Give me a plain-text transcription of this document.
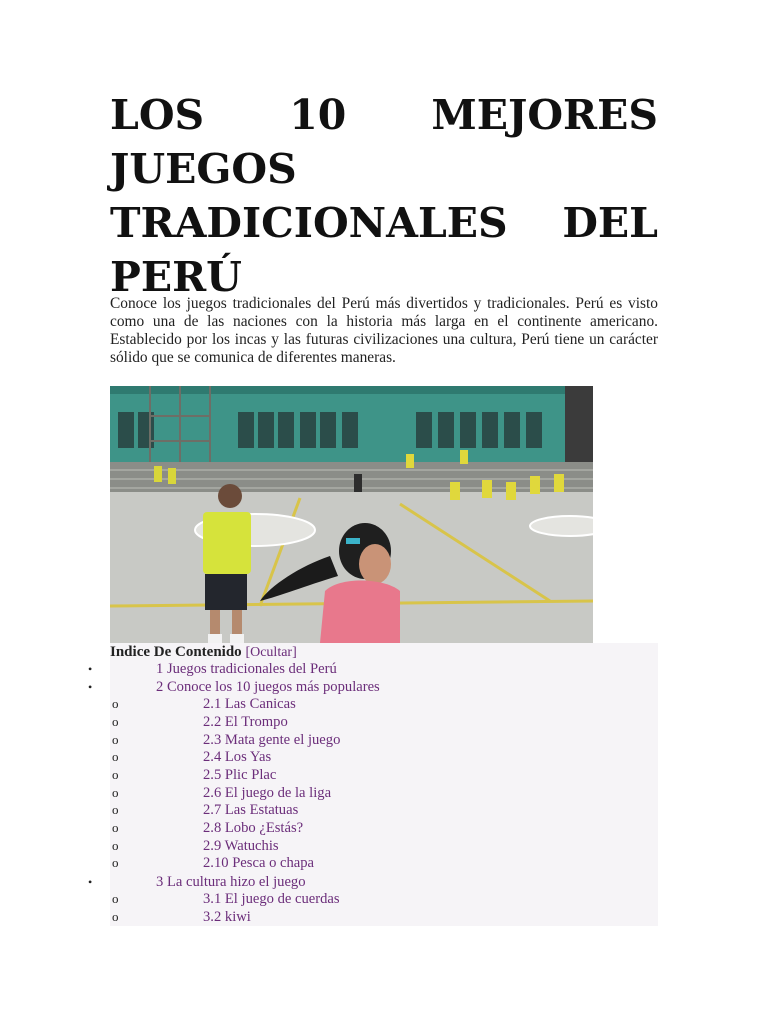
LOS 10 MEJORES
JUEGOS
TRADICIONALES DEL
PERÚ

Conoce los juegos tradicionales del Perú más divertidos y tradicionales. Perú es visto como una de las naciones con la historia más larga en el continente americano. Establecido por los incas y las futuras civilizaciones una cultura, Perú tiene un carácter sólido que se comunica de diferentes maneras.

Indice De Contenido [Ocultar]
•	1 Juegos tradicionales del Perú
•	2 Conoce los 10 juegos más populares
o	2.1 Las Canicas
o	2.2 El Trompo
o	2.3 Mata gente el juego
o	2.4 Los Yas
o	2.5 Plic Plac
o	2.6 El juego de la liga
o	2.7 Las Estatuas
o	2.8 Lobo ¿Estás?
o	2.9 Watuchis
o	2.10 Pesca o chapa
•	3 La cultura hizo el juego
o	3.1 El juego de cuerdas
o	3.2 kiwi
